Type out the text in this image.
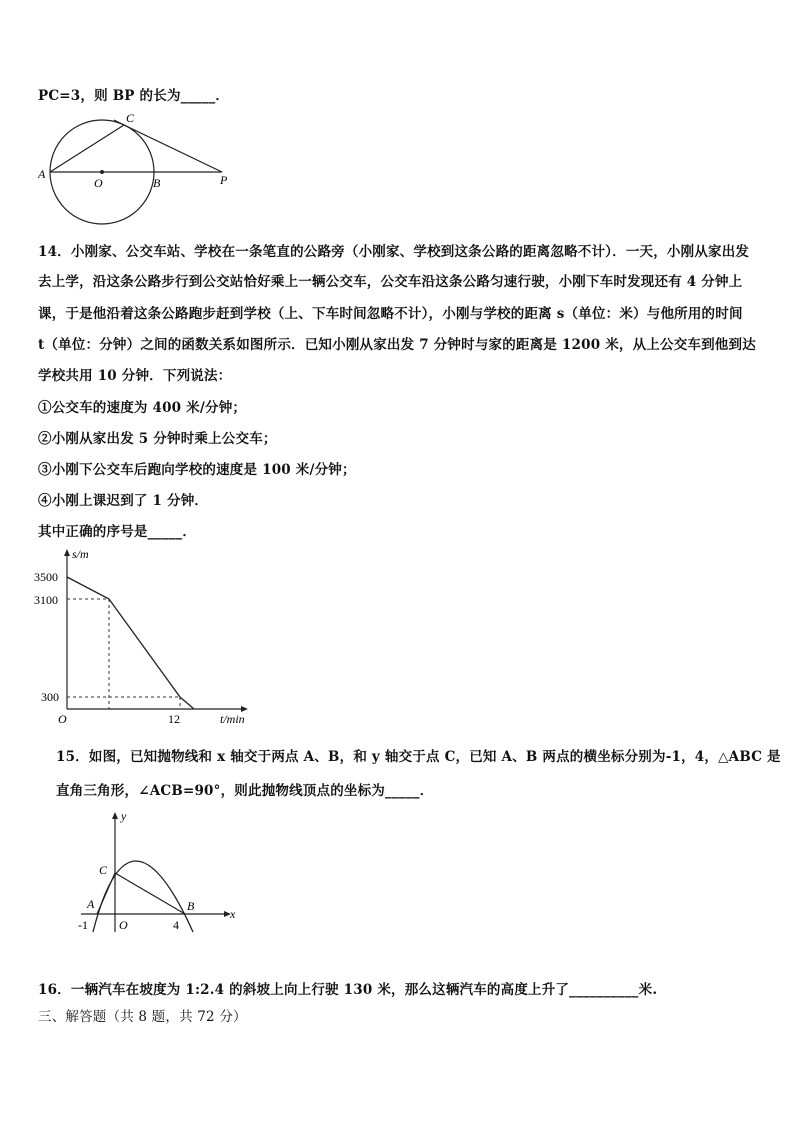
PC=3，则 BP 的长为_____．
A
O	B
C
P
14．小刚家、公交车站、学校在一条笔直的公路旁（小刚家、学校到这条公路的距离忽略不计）．一天，小刚从家出发
去上学，沿这条公路步行到公交站恰好乘上一辆公交车，公交车沿这条公路匀速行驶，小刚下车时发现还有 4 分钟上
课，于是他沿着这条公路跑步赶到学校（上、下车时间忽略不计），小刚与学校的距离 s（单位：米）与他所用的时间
t（单位：分钟）之间的函数关系如图所示．已知小刚从家出发 7 分钟时与家的距离是 1200 米，从上公交车到他到达
学校共用 10 分钟．下列说法：
①公交车的速度为 400 米/分钟；
②小刚从家出发 5 分钟时乘上公交车；
③小刚下公交车后跑向学校的速度是 100 米/分钟；
④小刚上课迟到了 1 分钟．
其中正确的序号是_____．
s/m
3500
3100
300
O	12	t/min
15．如图，已知抛物线和 x 轴交于两点 A、B，和 y 轴交于点 C，已知 A、B 两点的横坐标分别为-1，4，△ABC 是
直角三角形，∠ACB=90°，则此抛物线顶点的坐标为_____．
y
x
C
A	B
-1	O	4
16．一辆汽车在坡度为 1:2.4 的斜坡上向上行驶 130 米，那么这辆汽车的高度上升了__________米.
三、解答题（共 8 题，共 72 分）
